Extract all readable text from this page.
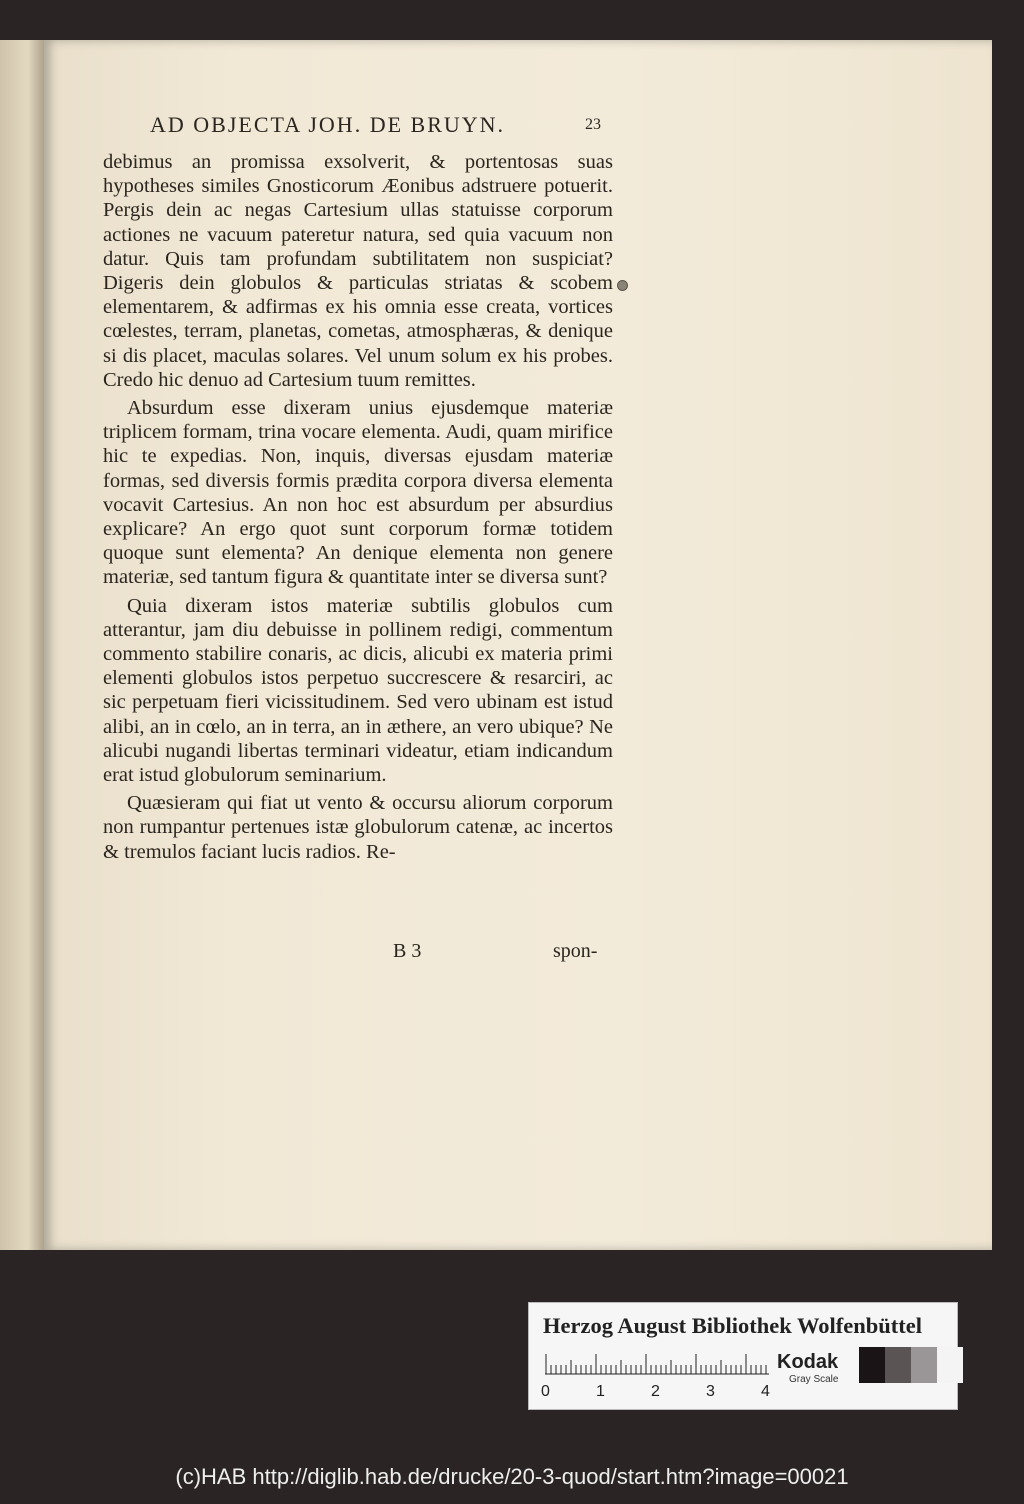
AD OBJECTA JOH. DE BRUYN.	23

debimus an promissa exsolverit, & portentosas suas hypotheses similes Gnosticorum Æonibus adstruere potuerit. Pergis dein ac negas Cartesium ullas statuisse corporum actiones ne vacuum pateretur natura, sed quia vacuum non datur. Quis tam profundam subtilitatem non suspiciat? Digeris dein globulos & particulas striatas & scobem elementarem, & adfirmas ex his omnia esse creata, vortices cœlestes, terram, planetas, cometas, atmosphæras, & denique si dis placet, maculas solares. Vel unum solum ex his probes. Credo hic denuo ad Cartesium tuum remittes.

Absurdum esse dixeram unius ejusdemque materiæ triplicem formam, trina vocare elementa. Audi, quam mirifice hic te expedias. Non, inquis, diversas ejusdam materiæ formas, sed diversis formis prædita corpora diversa elementa vocavit Cartesius. An non hoc est absurdum per absurdius explicare? An ergo quot sunt corporum formæ totidem quoque sunt elementa? An denique elementa non genere materiæ, sed tantum figura & quantitate inter se diversa sunt?

Quia dixeram istos materiæ subtilis globulos cum atterantur, jam diu debuisse in pollinem redigi, commentum commento stabilire conaris, ac dicis, alicubi ex materia primi elementi globulos istos perpetuo succrescere & resarciri, ac sic perpetuam fieri vicissitudinem. Sed vero ubinam est istud alibi, an in cœlo, an in terra, an in æthere, an vero ubique? Ne alicubi nugandi libertas terminari videatur, etiam indicandum erat istud globulorum seminarium.

Quæsieram qui fiat ut vento & occursu aliorum corporum non rumpantur pertenues istæ globulorum catenæ, ac incertos & tremulos faciant lucis radios. Re-

B 3	spon-
Herzog August Bibliothek Wolfenbüttel
0	1	2	3	4
Kodak
Gray Scale
(c)HAB http://diglib.hab.de/drucke/20-3-quod/start.htm?image=00021
